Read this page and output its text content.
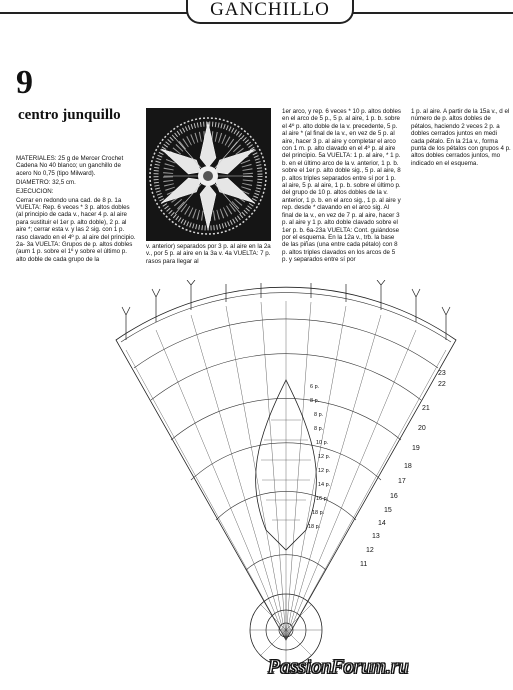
GANCHILLO
9
centro junquillo

MATERIALES: 25 g de Mercer Crochet Cadena No 40 blanco; un ganchillo de acero No 0,75 (tipo Milward).

DIAMETRO: 32,5 cm.

EJECUCION:

Cerrar en redondo una cad. de 8 p. 1a VUELTA: Rep. 6 veces * 3 p. altos dobles (al principio de cada v., hacer 4 p. al aire para sustituir el 1er p. alto doble), 2 p. al aire *; cerrar esta v. y las 2 sig. con 1 p. raso clavado en el 4º p. al aire del principio. 2a- 3a VUELTA: Grupos de p. altos dobles (aum 1 p. sobre el 1º y sobre el último p. alto doble de cada grupo de la

v. anterior) separados por 3 p. al aire en la 2a v., por 5 p. al aire en la 3a v. 4a VUELTA: 7 p. rasos para llegar al

1er arco, y rep. 6 veces * 10 p. altos dobles en el arco de 5 p., 5 p. al aire, 1 p. b. sobre el 4º p. alto doble de la v. precedente, 5 p. al aire * (al final de la v., en vez de 5 p. al aire, hacer 3 p. al aire y completar el arco con 1 m. p. alto clavado en el 4º p. al aire del principio. 5a VUELTA: 1 p. al aire, * 1 p. b. en el último arco de la v. anterior, 1 p. b. sobre el 1er p. alto doble sig., 5 p. al aire, 8 p. altos triples separados entre sí por 1 p. al aire, 5 p. al aire, 1 p. b. sobre el último p. del grupo de 10 p. altos dobles de la v. anterior, 1 p. b. en el arco sig., 1 p. al aire y rep. desde * clavando en el arco sig. Al final de la v., en vez de 7 p. al aire, hacer 3 p. al aire y 1 p. alto doble clavado sobre el 1er p. b. 6a-23a VUELTA: Cont. guiándose por el esquema. En la 12a v., trb. la base de las piñas (una entre cada pétalo) con 8 p. altos triples clavados en los arcos de 5 p. y separados entre sí por

1 p. al aire. A partir de la 15a v., d el número de p. altos dobles de pétalos, haciendo 2 veces 2 p. a dobles cerrados juntos en medi cada pétalo. En la 21a v., forma punta de los pétalos con grupos 4 p. altos dobles cerrados juntos, mo indicado en el esquema.

23
22
21
20
19
18
17
16
15
14
13
12
11
6 p.
8 p.
8 p.
8 p.
10 p.
12 p.
12 p.
14 p.
16 p.
18 p.
18 p.
PassionForum.ru
